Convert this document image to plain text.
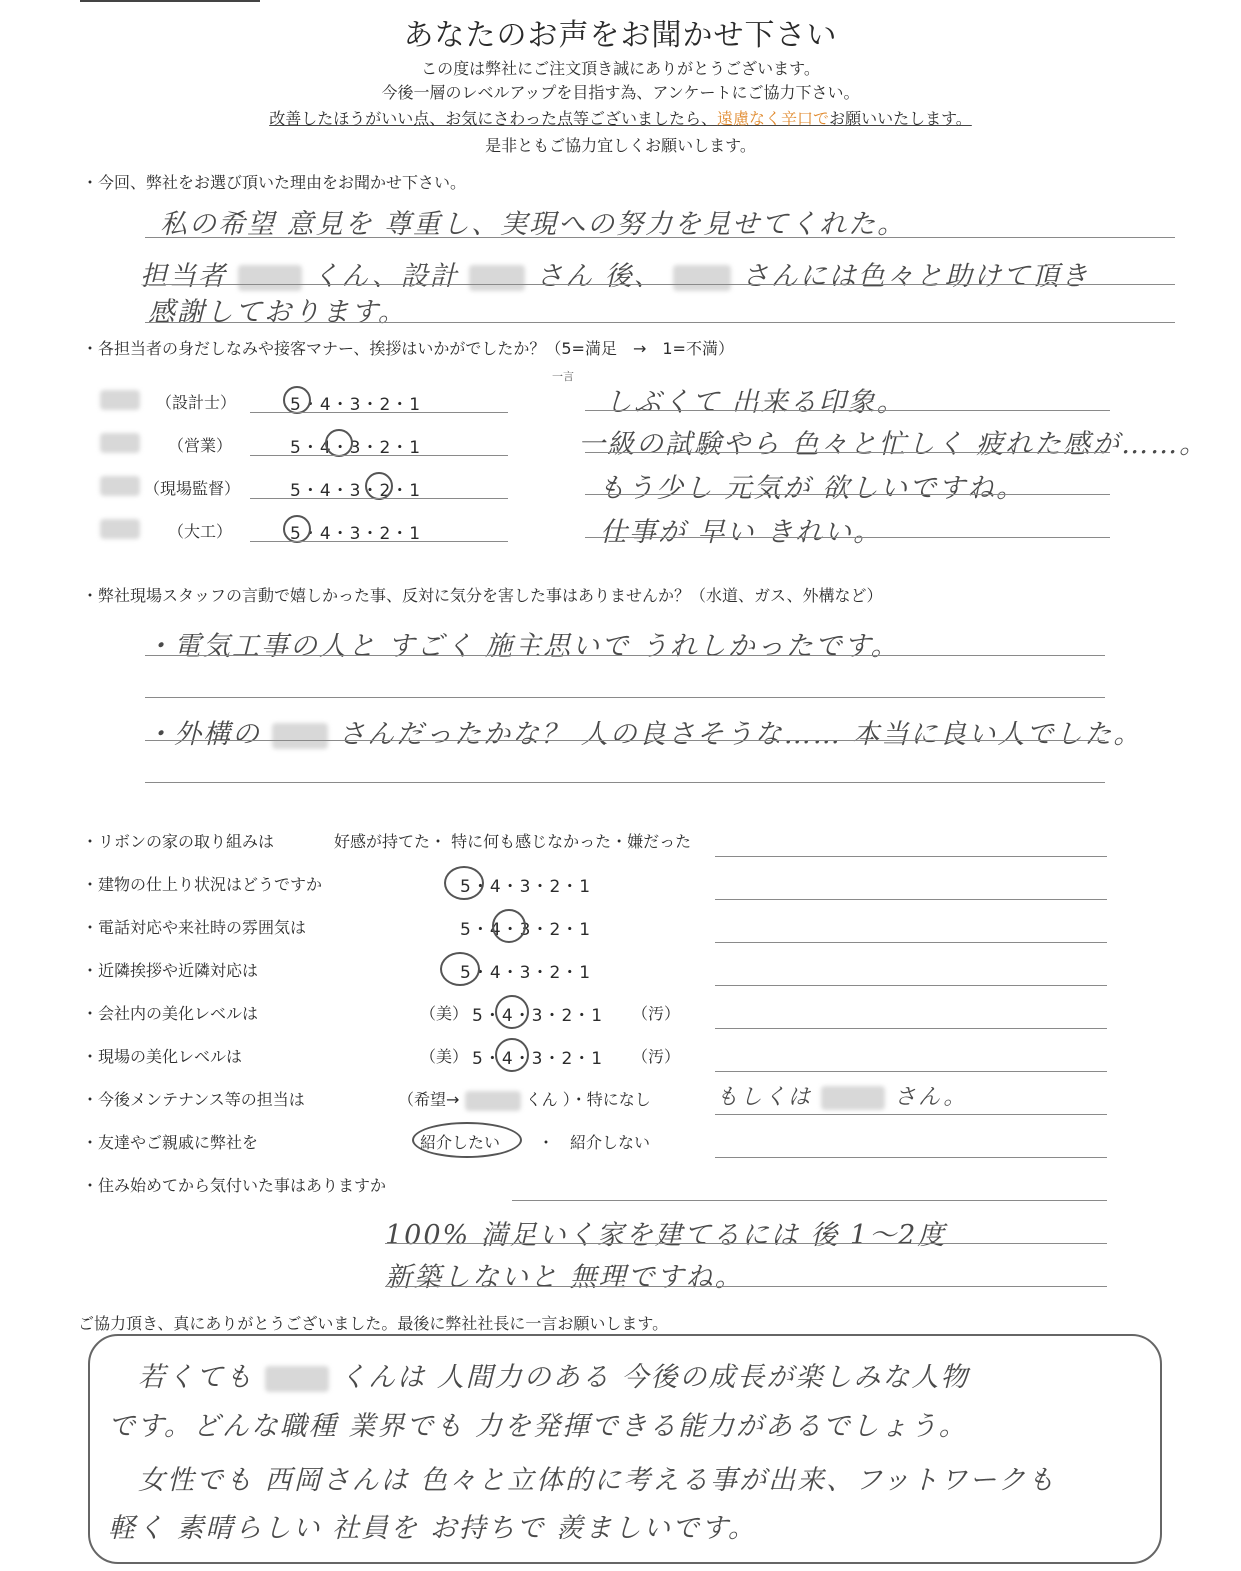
あなたのお声をお聞かせ下さい
この度は弊社にご注文頂き誠にありがとうございます。
今後一層のレベルアップを目指す為、アンケートにご協力下さい。
改善したほうがいい点、お気にさわった点等ございましたら、遠慮なく辛口でお願いいたします。
是非ともご協力宜しくお願いします。
・今回、弊社をお選び頂いた理由をお聞かせ下さい。
私の希望 意見を 尊重し、実現への努力を見せてくれた。
担当者	くん、設計	さん 後、	さんには色々と助けて頂き
感謝しております。
・各担当者の身だしなみや接客マナー、挨拶はいかがでしたか？（5=満足　→　1=不満）
一言
（設計士）	5・4・3・2・1	しぶくて 出来る印象。
（営業）	5・4・3・2・1	一級の試験やら 色々と忙しく 疲れた感が……。
（現場監督）	5・4・3・2・1	もう少し 元気が 欲しいですね。
（大工）	5・4・3・2・1	仕事が 早い きれい。
・弊社現場スタッフの言動で嬉しかった事、反対に気分を害した事はありませんか？（水道、ガス、外構など）
・電気工事の人と すごく 施主思いで うれしかったです。
・外構の	さんだったかな？ 人の良さそうな…… 本当に良い人でした。
・リボンの家の取り組みは	好感が持てた・ 特に何も感じなかった・嫌だった
・建物の仕上り状況はどうですか	5・4・3・2・1
・電話対応や来社時の雰囲気は	5・4・3・2・1
・近隣挨拶や近隣対応は	5・4・3・2・1
・会社内の美化レベルは	（美） 5・4・3・2・1 （汚）
・現場の美化レベルは	（美） 5・4・3・2・1 （汚）
・今後メンテナンス等の担当は	（希望→	くん ）・特になし	もしくは	さん。
・友達やご親戚に弊社を	紹介したい ・ 紹介しない
・住み始めてから気付いた事はありますか
100% 満足いく家を建てるには 後 1〜2度
新築しないと 無理ですね。
ご協力頂き、真にありがとうございました。最後に弊社社長に一言お願いします。
若くても	くんは 人間力のある 今後の成長が楽しみな人物
です。どんな職種 業界でも 力を発揮できる能力があるでしょう。
女性でも 西岡さんは 色々と立体的に考える事が出来、フットワークも
軽く 素晴らしい 社員を お持ちで 羨ましいです。
